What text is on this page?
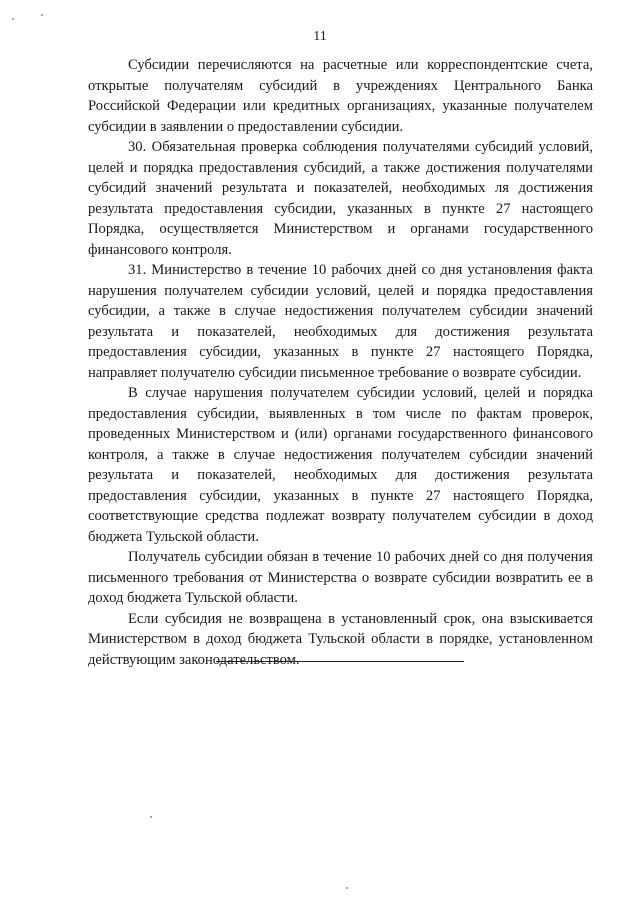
11

Субсидии перечисляются на расчетные или корреспондентские счета, открытые получателям субсидий в учреждениях Центрального Банка Российской Федерации или кредитных организациях, указанные получателем субсидии в заявлении о предоставлении субсидии.

30. Обязательная проверка соблюдения получателями субсидий условий, целей и порядка предоставления субсидий, а также достижения получателями субсидий значений результата и показателей, необходимых ля достижения результата предоставления субсидии, указанных в пункте 27 настоящего Порядка, осуществляется Министерством и органами государственного финансового контроля.

31. Министерство в течение 10 рабочих дней со дня установления факта нарушения получателем субсидии условий, целей и порядка предоставления субсидии, а также в случае недостижения получателем субсидии значений результата и показателей, необходимых для достижения результата предоставления субсидии, указанных в пункте 27 настоящего Порядка, направляет получателю субсидии письменное требование о возврате субсидии.

В случае нарушения получателем субсидии условий, целей и порядка предоставления субсидии, выявленных в том числе по фактам проверок, проведенных Министерством и (или) органами государственного финансового контроля, а также в случае недостижения получателем субсидии значений результата и показателей, необходимых для достижения результата предоставления субсидии, указанных в пункте 27 настоящего Порядка, соответствующие средства подлежат возврату получателем субсидии в доход бюджета Тульской области.

Получатель субсидии обязан в течение 10 рабочих дней со дня получения письменного требования от Министерства о возврате субсидии возвратить ее в доход бюджета Тульской области.

Если субсидия не возвращена в установленный срок, она взыскивается Министерством в доход бюджета Тульской области в порядке, установленном действующим законодательством.
